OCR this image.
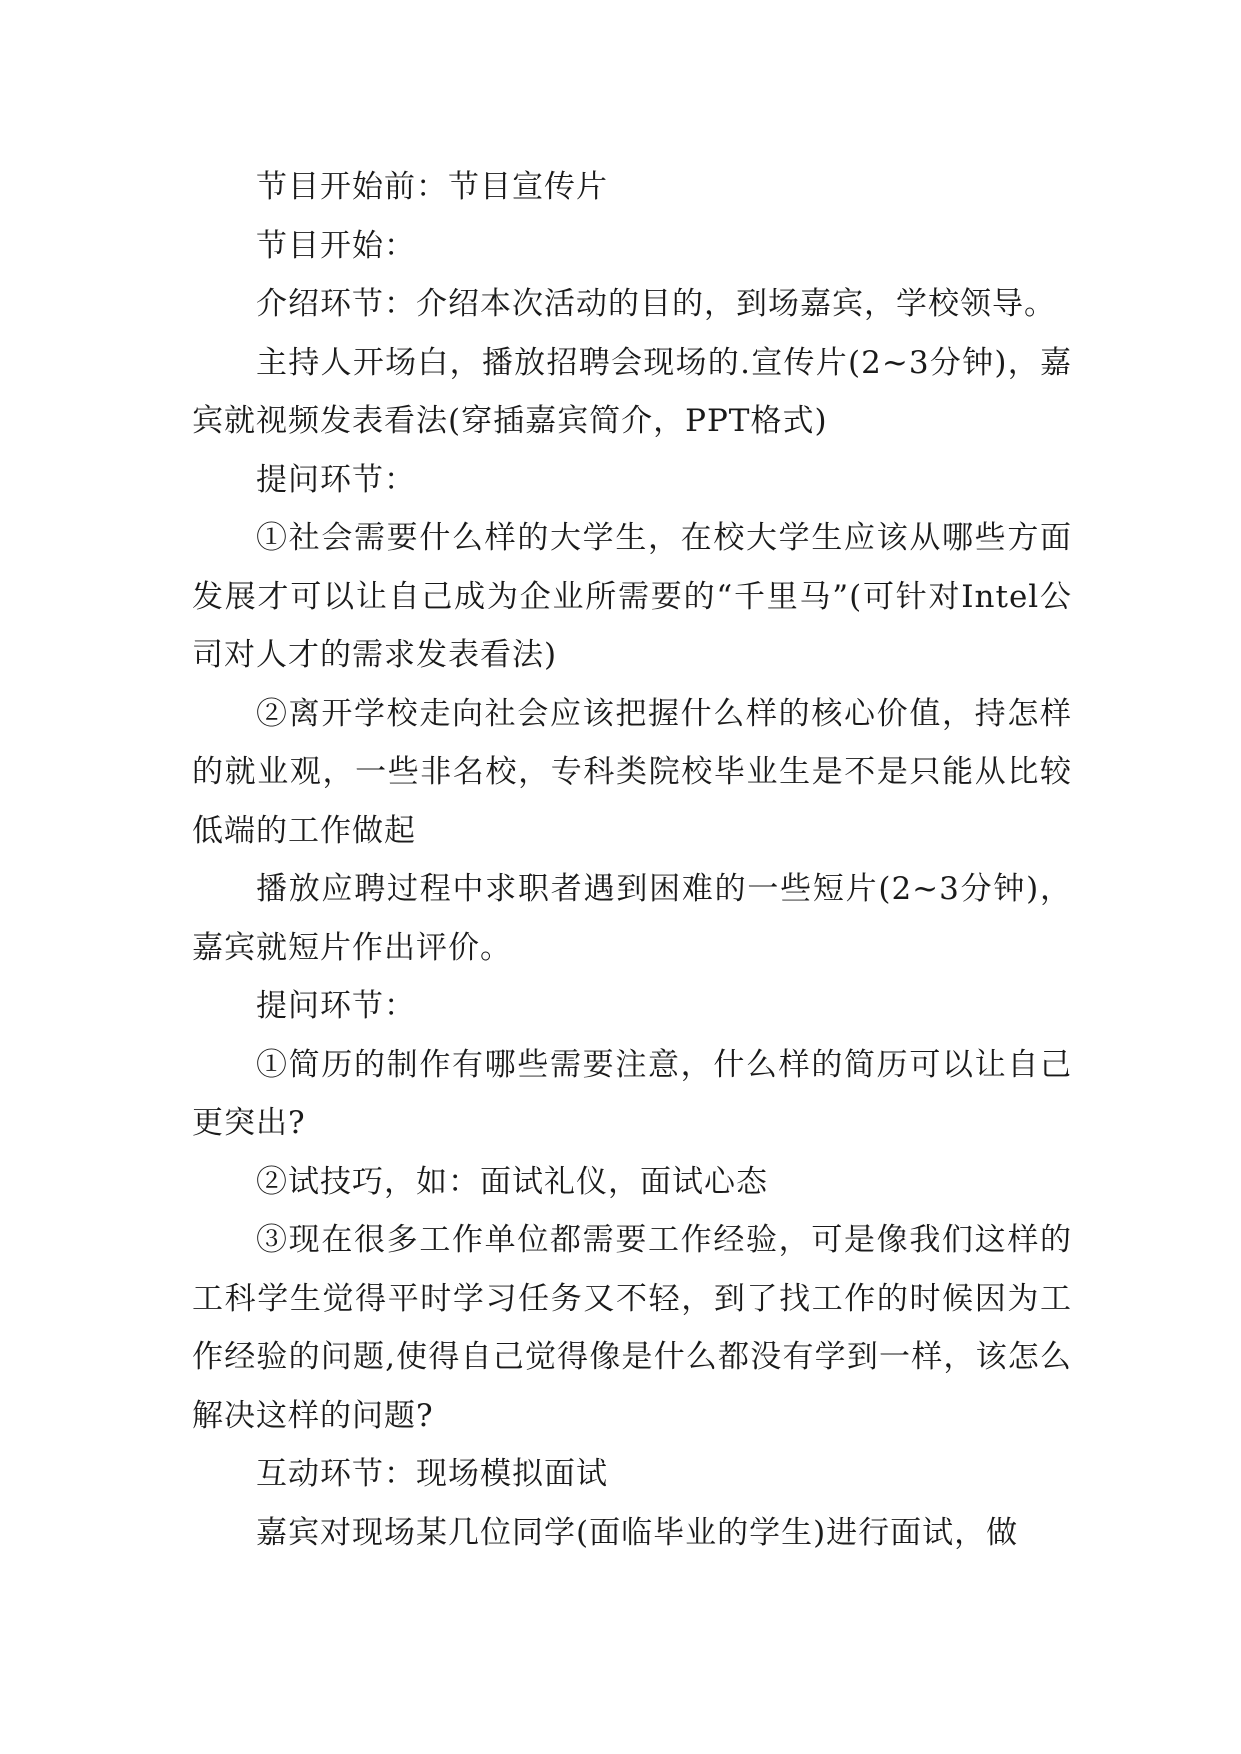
节目开始前：节目宣传片

节目开始：

介绍环节：介绍本次活动的目的，到场嘉宾，学校领导。

主持人开场白，播放招聘会现场的.宣传片(2~3分钟)，嘉宾就视频发表看法(穿插嘉宾简介，PPT格式)

提问环节：

①社会需要什么样的大学生，在校大学生应该从哪些方面发展才可以让自己成为企业所需要的“千里马”(可针对Intel公司对人才的需求发表看法)

②离开学校走向社会应该把握什么样的核心价值，持怎样的就业观，一些非名校，专科类院校毕业生是不是只能从比较低端的工作做起

播放应聘过程中求职者遇到困难的一些短片(2~3分钟)，嘉宾就短片作出评价。

提问环节：

①简历的制作有哪些需要注意，什么样的简历可以让自己更突出?

②试技巧，如：面试礼仪，面试心态

③现在很多工作单位都需要工作经验，可是像我们这样的工科学生觉得平时学习任务又不轻，到了找工作的时候因为工作经验的问题,使得自己觉得像是什么都没有学到一样，该怎么解决这样的问题?

互动环节：现场模拟面试

嘉宾对现场某几位同学(面临毕业的学生)进行面试，做
